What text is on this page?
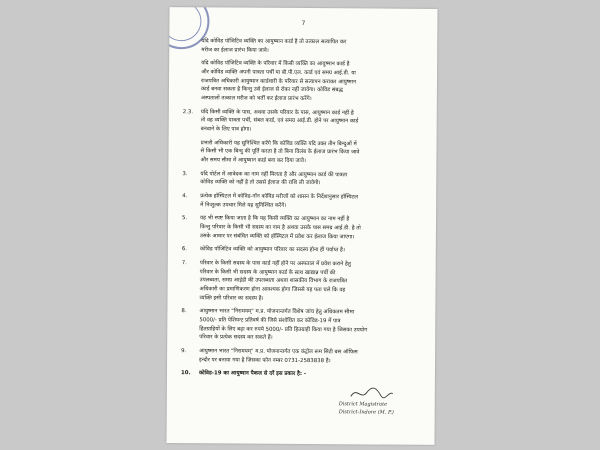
7
यदि कोविड पॉजिटिव व्यक्ति का आयुष्मान कार्ड है तो तत्काल सत्यापित कर
मरीज का ईलाज प्रारंभ किया जावे।
यदि कोविड पॉजिटिव व्यक्ति के परिवार में किसी व्यक्ति का आयुष्मान कार्ड है
और कोविड व्यक्ति अपनी पात्रता पर्ची या बी.पी.एल. कार्ड एवं समग्र आई.डी. या
राजपत्रित अधिकारी आयुष्मान कार्डधारी के परिवार से सत्यापन कराकर आयुष्मान
कार्ड बनवा सकता है किन्तु उसे ईलाज से रोका नहीं जावेगा। कोविड संबद्ध
अस्पतालों तत्काल मरीज को भर्ती कर ईलाज प्रारंभ करेंगे।
2.3. यदि किसी व्यक्ति के पास, अथवा उसके परिवार के पास, आयुष्मान कार्ड नहीं है
तो वह व्यक्ति पात्रता पर्ची, संबल कार्ड, एवं समग्र आई.डी. होने पर आयुष्मान कार्ड
बनवाने के लिए पात्र होगा।
प्रभारी अधिकारी यह सुनिश्चित करेंगे कि कोविड व्यक्ति यदि उक्त तीन बिन्दुओं में
से किसी भी एक बिन्दु की पूर्ति करता है तो बिना विलंब के ईलाज प्रारंभ किया जावे
और समय सीमा में आयुष्मान कार्ड बना कर दिया जावे।
3. यदि पोर्टल में आवेदक का नाम नहीं मिलता है और आयुष्मान कार्ड की पात्रता
कोविड व्यक्ति को नहीं है तो उससे ईलाज की राशि ली जावेगी।
4. प्रत्येक हॉस्पिटल में कोविड-नॉन कोविड मरीजों को शासन के निर्देशानुसार हॉस्पिटल
में निःशुल्क उपचार मिले यह सुनिश्चित करेंगे।
5. यह भी स्पष्ट किया जाता है कि यह किसी व्यक्ति का आयुष्मान का नाम नहीं है
किन्तु परिवार के किसी भी सदस्य का नाम है अथवा उसके पास समग्र आई.डी. है तो
उसके आधार पर संबंधित व्यक्ति को हॉस्पिटल में प्रवेश कर ईलाज किया जाएगा।
6. कोविड पॉजिटिव व्यक्ति को आयुष्मान परिवार का सदस्य होना ही पर्याप्त है।
7. परिवार के किसी सदस्य के पास कार्ड नहीं होने पर अस्पताल में प्रवेश कराने हेतु
परिवार के किसी भी सदस्य के आयुष्मान कार्ड के साथ खाद्यान्न पर्ची की
उपलब्धता, समग्र आईडी की उपलब्धता अथवा शासकीय विभाग के राजपत्रित
अधिकारी का प्रमाणिकरण होना आवश्यक होगा जिससे यह पता चले कि वह
व्यक्ति इसी परिवार का सदस्य है।
8. आयुष्मान भारत "निरामयम्" म.प्र. योजनान्तर्गत विशेष जांच हेतु अधिकतम सीमा
5000/- प्रति पेशियन्ट प्रतिवर्ष की जिसे संशोधित कर कोविड-19 में पात्र
हितग्राहियों के लिए बढ़ा कर रुपये 5000/- प्रति हितग्राही किया गया है जिसका उपयोग
परिवार के प्रत्येक सदस्य कर सकते हैं।
9. आयुष्मान भारत "निरामयम्" म.प्र. योजनान्तर्गत एक कंट्रोल रूम सिटी बस ऑफिस
इन्दौर पर बनाया गया है जिसका फोन नम्बर 0731-2583838 है।
10. कोविड-19 का आयुष्मान पैकज से दरें इस प्रकार है: -
District Magistrate
District-Indore (M. P.)
